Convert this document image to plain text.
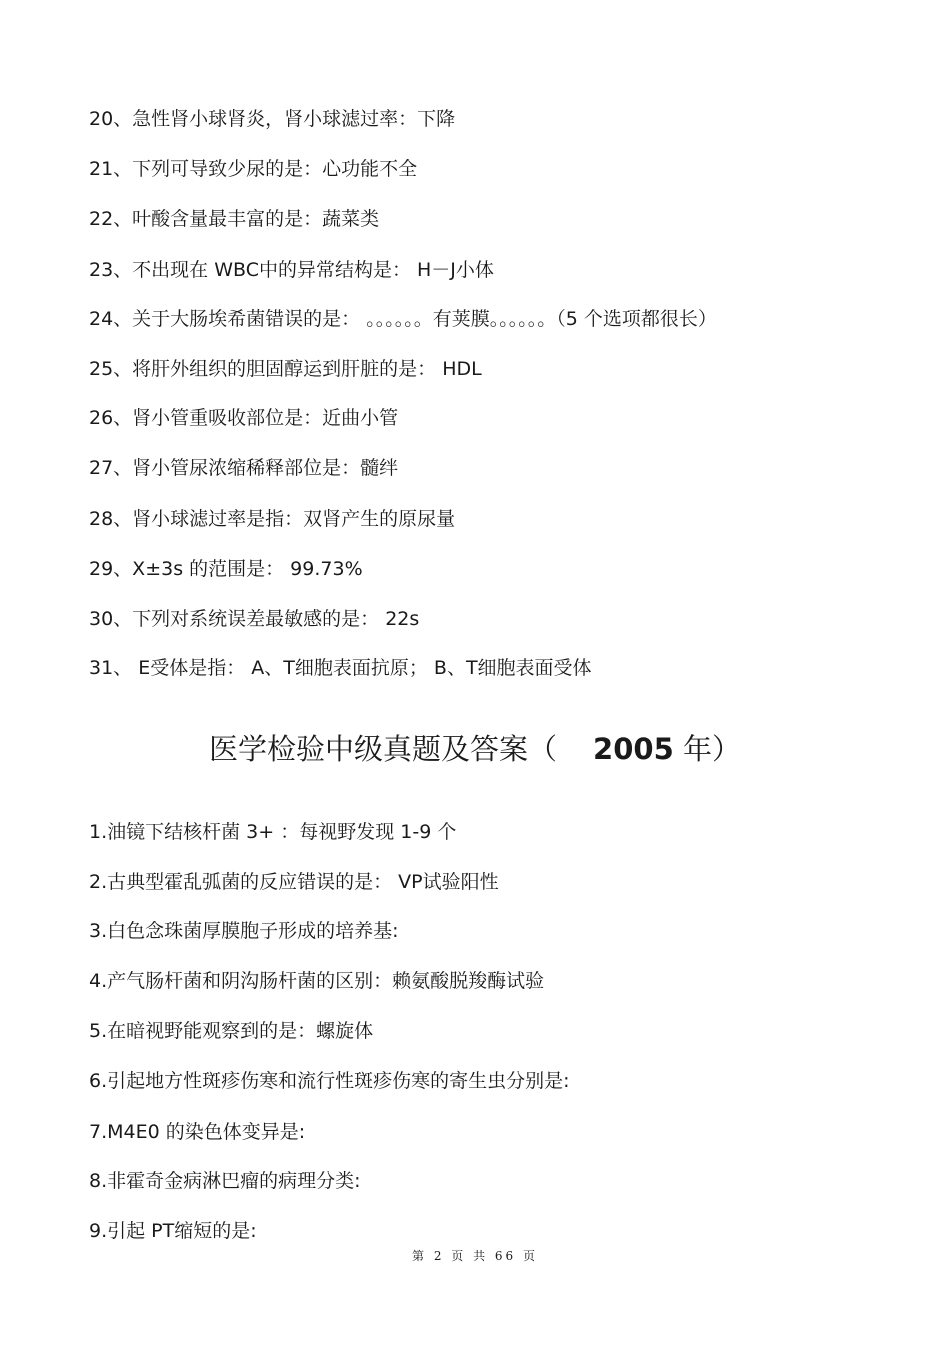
20、急性肾小球肾炎，肾小球滤过率：下降
21、下列可导致少尿的是：心功能不全
22、叶酸含量最丰富的是：蔬菜类
23、不出现在 WBC中的异常结构是： H－J小体
24、关于大肠埃希菌错误的是： 。。。。。。有荚膜。。。。。。（5 个选项都很长）
25、将肝外组织的胆固醇运到肝脏的是： HDL
26、肾小管重吸收部位是：近曲小管
27、肾小管尿浓缩稀释部位是：髓绊
28、肾小球滤过率是指：双肾产生的原尿量
29、X±3s 的范围是： 99.73%
30、下列对系统误差最敏感的是： 22s
31、 E受体是指： A、T细胞表面抗原； B、T细胞表面受体
医学检验中级真题及答案（ 2005 年）
1.油镜下结核杆菌 3+ ：每视野发现 1-9 个
2.古典型霍乱弧菌的反应错误的是： VP试验阳性
3.白色念珠菌厚膜胞子形成的培养基:
4.产气肠杆菌和阴沟肠杆菌的区别：赖氨酸脱羧酶试验
5.在暗视野能观察到的是：螺旋体
6.引起地方性斑疹伤寒和流行性斑疹伤寒的寄生虫分别是:
7.M4E0 的染色体变异是:
8.非霍奇金病淋巴瘤的病理分类:
9.引起 PT缩短的是:
第 2 页 共 66 页
